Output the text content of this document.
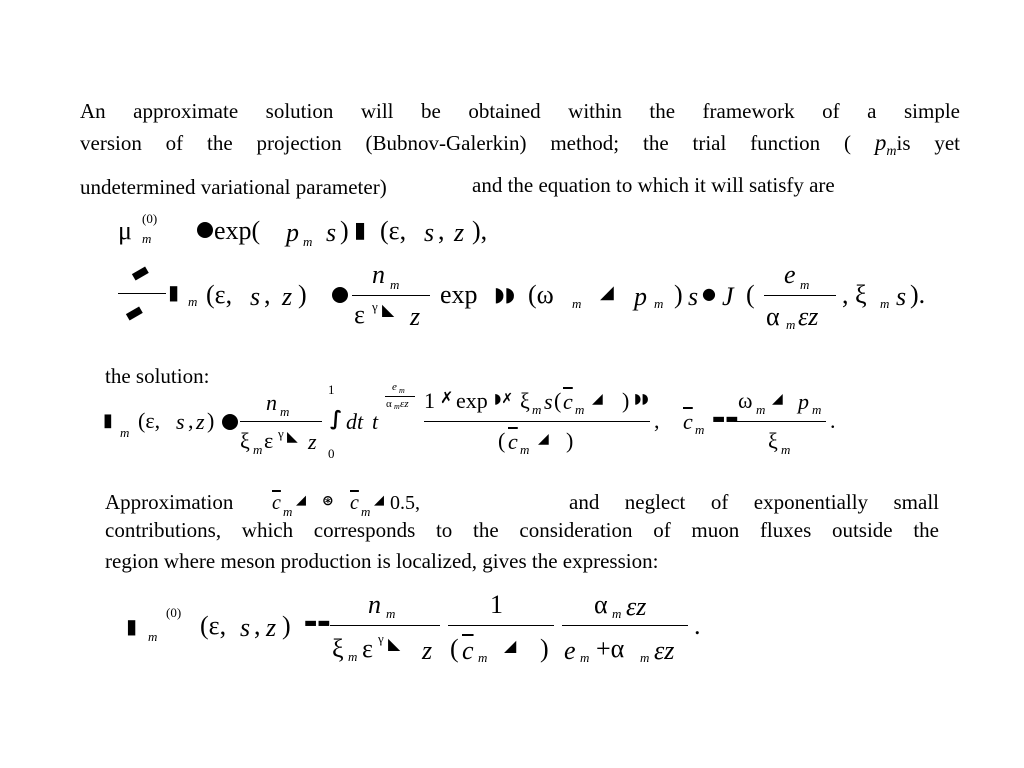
An approximate solution will be obtained within the framework of a simple
version of the projection (Bubnov-Galerkin) method; the trial function ( $p_mis$ yet
undetermined variational parameter)	and the equation to which it will satisfy are
μ (0)
m exp( p m s ) ▮ (ε, s , z ),
▬
▬
▮ m (ε, s , z )
n m
ε γ ◣ z
exp ◗◗ (ω m
◢ p m ) s ● J (
e m
α m εz
, ξ m s ).
the solution:
▮
m (ε, s , z )
n m
ξ m ε γ ◣ z
1
∫
0
dt t
e m
α m εz 1 ✗ exp ◗✗ ξ m s ( $\overline{c}$ m
◢ ) ◗◗
( $\overline{c}$ m
◢ )
, $\overline{c}$ m
▬▬
ω m
◢ p m
ξ m
.
Approximation $\overline{c}$ m
◢ ⊛ $\overline{c}$ m
◢ 0.5,	and neglect of exponentially small
contributions, which corresponds to the consideration of muon fluxes outside the
region where meson production is localized, gives the expression:
▮
(0)
m (ε, s , z ) ▬▬
n m
ξ m ε γ ◣ z
1
( $\overline{c}$ m
◢ )
α m εz
e m +α m εz
.
